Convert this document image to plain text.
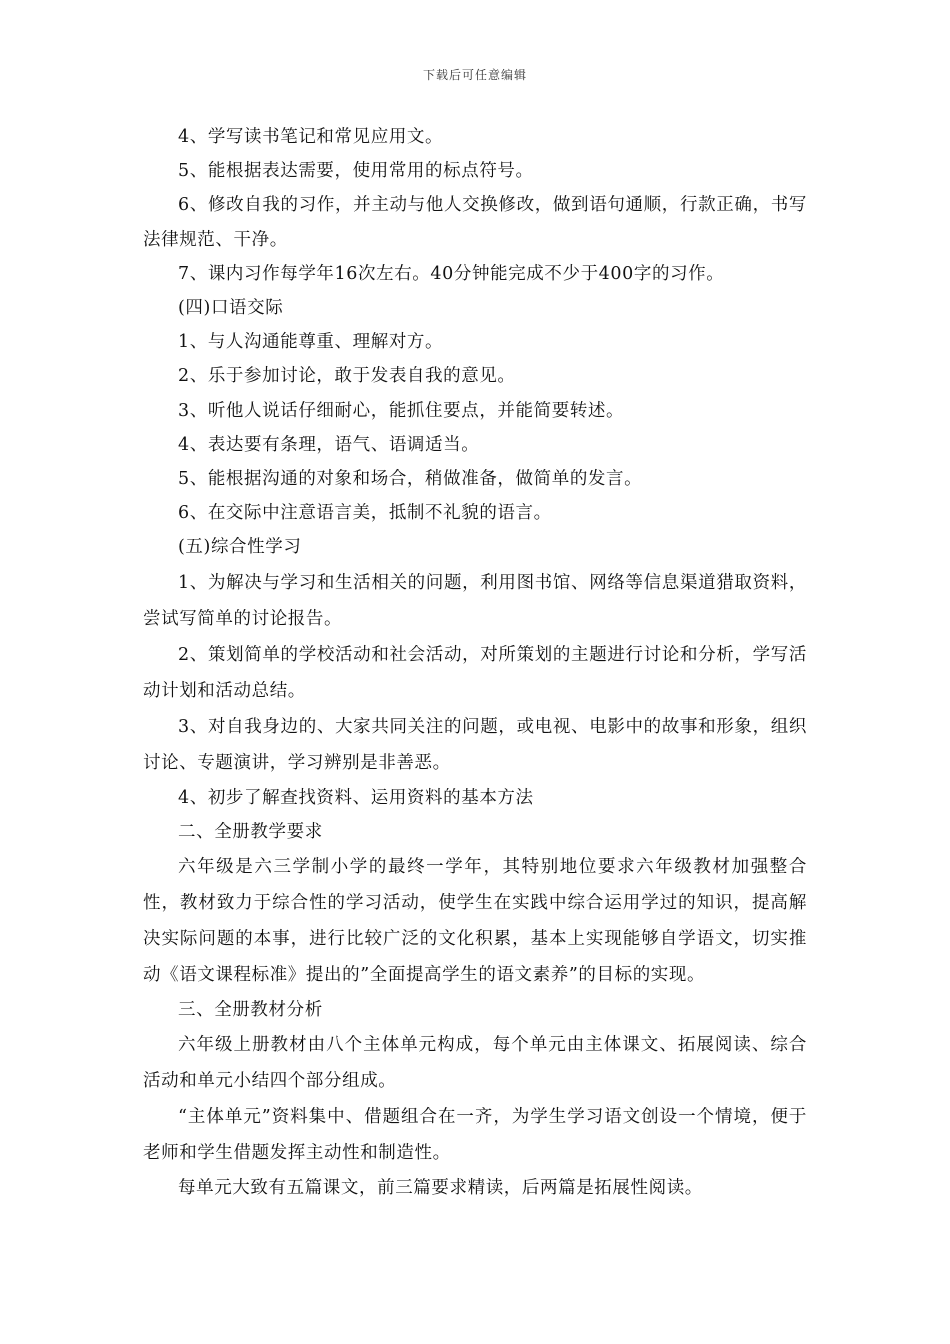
下载后可任意编辑

4、学写读书笔记和常见应用文。

5、能根据表达需要，使用常用的标点符号。

6、修改自我的习作，并主动与他人交换修改，做到语句通顺，行款正确，书写法律规范、干净。

7、课内习作每学年16次左右。40分钟能完成不少于400字的习作。

(四)口语交际

1、与人沟通能尊重、理解对方。

2、乐于参加讨论，敢于发表自我的意见。

3、听他人说话仔细耐心，能抓住要点，并能简要转述。

4、表达要有条理，语气、语调适当。

5、能根据沟通的对象和场合，稍做准备，做简单的发言。

6、在交际中注意语言美，抵制不礼貌的语言。

(五)综合性学习

1、为解决与学习和生活相关的问题，利用图书馆、网络等信息渠道猎取资料，尝试写简单的讨论报告。

2、策划简单的学校活动和社会活动，对所策划的主题进行讨论和分析，学写活动计划和活动总结。

3、对自我身边的、大家共同关注的问题，或电视、电影中的故事和形象，组织讨论、专题演讲，学习辨别是非善恶。

4、初步了解查找资料、运用资料的基本方法

二、全册教学要求

六年级是六三学制小学的最终一学年，其特别地位要求六年级教材加强整合性，教材致力于综合性的学习活动，使学生在实践中综合运用学过的知识，提高解决实际问题的本事，进行比较广泛的文化积累，基本上实现能够自学语文，切实推动《语文课程标准》提出的”全面提高学生的语文素养”的目标的实现。

三、全册教材分析

六年级上册教材由八个主体单元构成，每个单元由主体课文、拓展阅读、综合活动和单元小结四个部分组成。

“主体单元”资料集中、借题组合在一齐，为学生学习语文创设一个情境，便于老师和学生借题发挥主动性和制造性。

每单元大致有五篇课文，前三篇要求精读，后两篇是拓展性阅读。
